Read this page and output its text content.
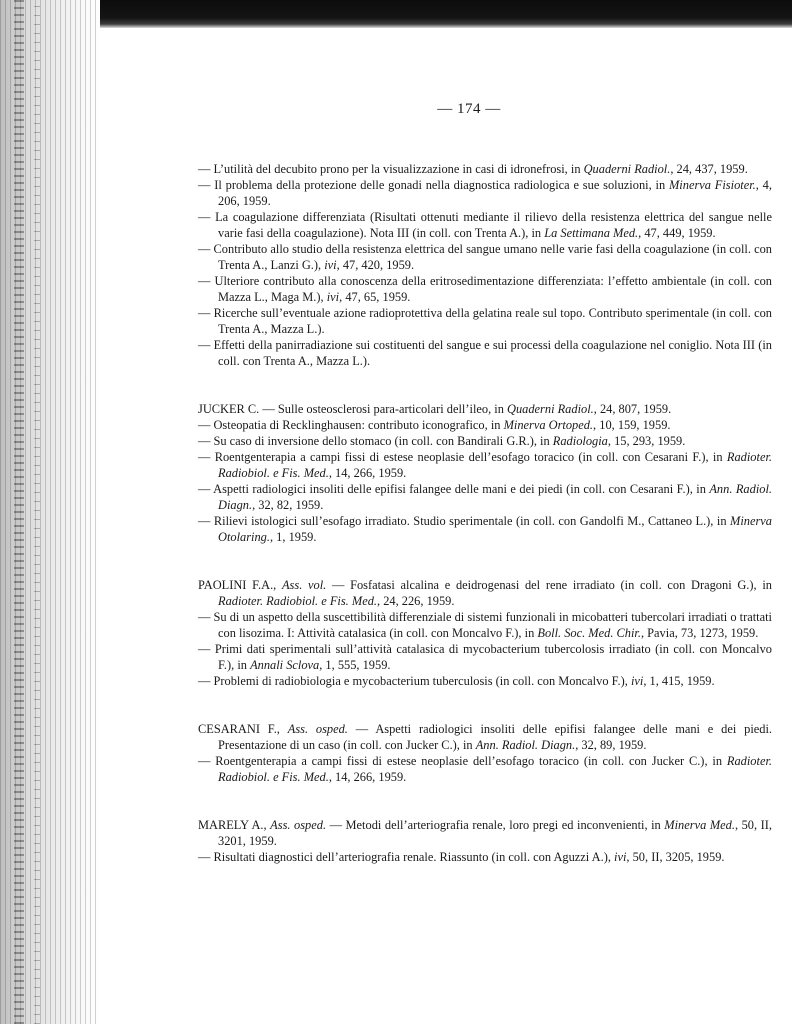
— 174 —

— L’utilità del decubito prono per la visualizzazione in casi di idronefrosi, in Quaderni Radiol., 24, 437, 1959.

— Il problema della protezione delle gonadi nella diagnostica radiologica e sue soluzioni, in Minerva Fisioter., 4, 206, 1959.

— La coagulazione differenziata (Risultati ottenuti mediante il rilievo della resistenza elettrica del sangue nelle varie fasi della coagulazione). Nota III (in coll. con Trenta A.), in La Settimana Med., 47, 449, 1959.

— Contributo allo studio della resistenza elettrica del sangue umano nelle varie fasi della coagulazione (in coll. con Trenta A., Lanzi G.), ivi, 47, 420, 1959.

— Ulteriore contributo alla conoscenza della eritrosedimentazione differenziata: l’effetto ambientale (in coll. con Mazza L., Maga M.), ivi, 47, 65, 1959.

— Ricerche sull’eventuale azione radioprotettiva della gelatina reale sul topo. Contributo sperimentale (in coll. con Trenta A., Mazza L.).

— Effetti della panirradiazione sui costituenti del sangue e sui processi della coagulazione nel coniglio. Nota III (in coll. con Trenta A., Mazza L.).

JUCKER C. — Sulle osteosclerosi para-articolari dell’ileo, in Quaderni Radiol., 24, 807, 1959.

— Osteopatia di Recklinghausen: contributo iconografico, in Minerva Ortoped., 10, 159, 1959.

— Su caso di inversione dello stomaco (in coll. con Bandirali G.R.), in Radiologia, 15, 293, 1959.

— Roentgenterapia a campi fissi di estese neoplasie dell’esofago toracico (in coll. con Cesarani F.), in Radioter. Radiobiol. e Fis. Med., 14, 266, 1959.

— Aspetti radiologici insoliti delle epifisi falangee delle mani e dei piedi (in coll. con Cesarani F.), in Ann. Radiol. Diagn., 32, 82, 1959.

— Rilievi istologici sull’esofago irradiato. Studio sperimentale (in coll. con Gandolfi M., Cattaneo L.), in Minerva Otolaring., 1, 1959.

PAOLINI F.A., Ass. vol. — Fosfatasi alcalina e deidrogenasi del rene irradiato (in coll. con Dragoni G.), in Radioter. Radiobiol. e Fis. Med., 24, 226, 1959.

— Su di un aspetto della suscettibilità differenziale di sistemi funzionali in micobatteri tubercolari irradiati o trattati con lisozima. I: Attività catalasica (in coll. con Moncalvo F.), in Boll. Soc. Med. Chir., Pavia, 73, 1273, 1959.

— Primi dati sperimentali sull’attività catalasica di mycobacterium tubercolosis irradiato (in coll. con Moncalvo F.), in Annali Sclova, 1, 555, 1959.

— Problemi di radiobiologia e mycobacterium tuberculosis (in coll. con Moncalvo F.), ivi, 1, 415, 1959.

CESARANI F., Ass. osped. — Aspetti radiologici insoliti delle epifisi falangee delle mani e dei piedi. Presentazione di un caso (in coll. con Jucker C.), in Ann. Radiol. Diagn., 32, 89, 1959.

— Roentgenterapia a campi fissi di estese neoplasie dell’esofago toracico (in coll. con Jucker C.), in Radioter. Radiobiol. e Fis. Med., 14, 266, 1959.

MARELY A., Ass. osped. — Metodi dell’arteriografia renale, loro pregi ed inconvenienti, in Minerva Med., 50, II, 3201, 1959.

— Risultati diagnostici dell’arteriografia renale. Riassunto (in coll. con Aguzzi A.), ivi, 50, II, 3205, 1959.
